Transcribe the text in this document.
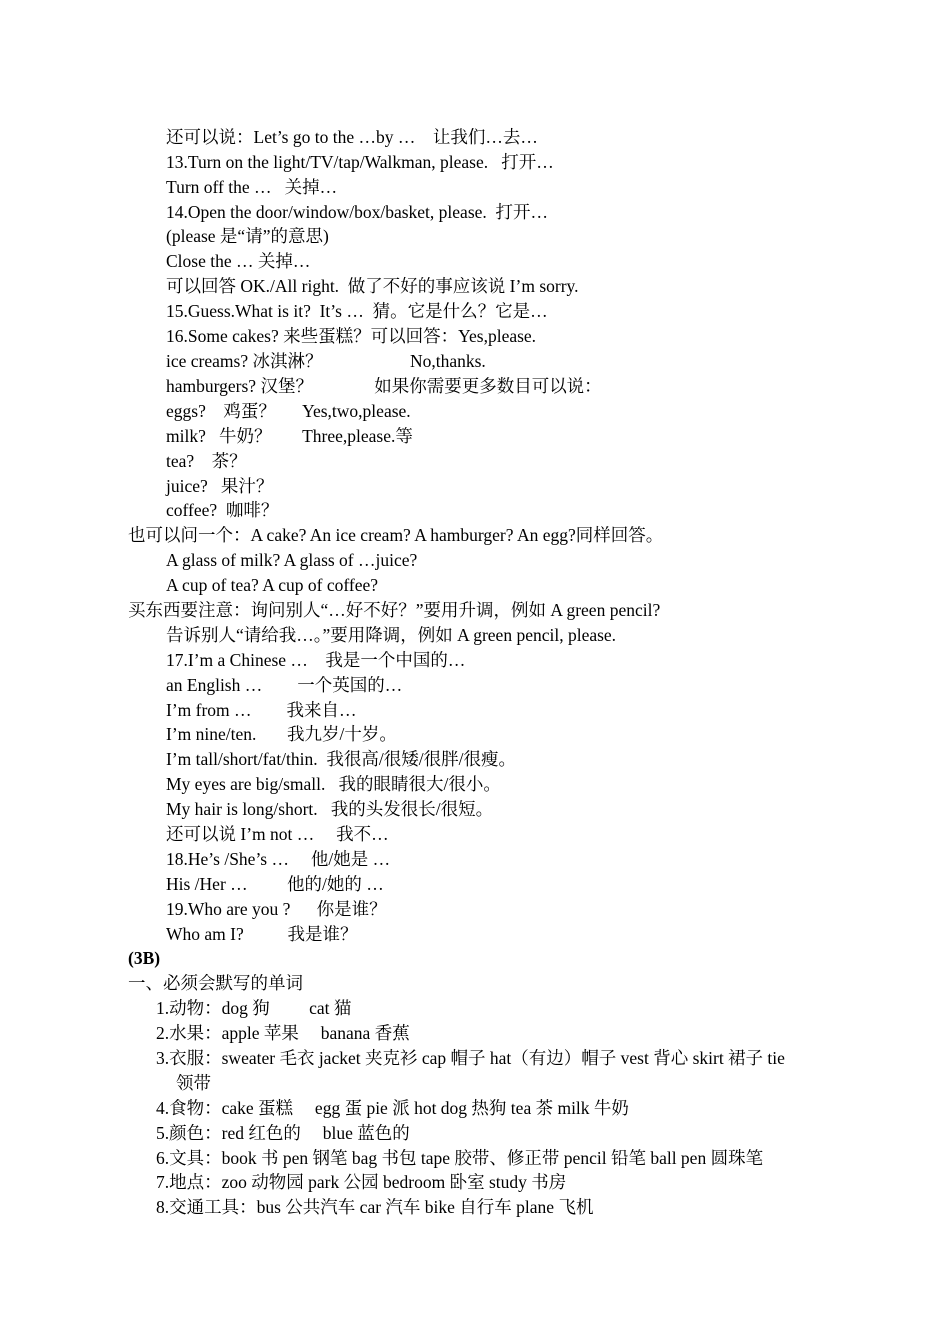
还可以说：Let’s go to the …by …    让我们…去…
13.Turn on the light/TV/tap/Walkman, please.   打开…
Turn off the …   关掉…
14.Open the door/window/box/basket, please.  打开…
(please 是“请”的意思)
Close the … 关掉…
可以回答 OK./All right.  做了不好的事应该说 I’m sorry.
15.Guess.What is it?  It’s …  猜。它是什么？它是…
16.Some cakes? 来些蛋糕？可以回答：Yes,please.
ice creams? 冰淇淋？                    No,thanks.
hamburgers? 汉堡？              如果你需要更多数目可以说：
eggs?    鸡蛋？      Yes,two,please.
milk?   牛奶？       Three,please.等
tea?    茶？
juice?   果汁？
coffee?  咖啡？
也可以问一个：A cake? An ice cream? A hamburger? An egg?同样回答。
A glass of milk? A glass of …juice?
A cup of tea? A cup of coffee?
买东西要注意：询问别人“…好不好？”要用升调，例如 A green pencil?
告诉别人“请给我…。”要用降调，例如 A green pencil, please.
17.I’m a Chinese …    我是一个中国的…
an English …        一个英国的…
I’m from …        我来自…
I’m nine/ten.       我九岁/十岁。
I’m tall/short/fat/thin.  我很高/很矮/很胖/很瘦。
My eyes are big/small.   我的眼睛很大/很小。
My hair is long/short.   我的头发很长/很短。
还可以说 I’m not …     我不…
18.He’s /She’s …     他/她是 …
His /Her …         他的/她的 …
19.Who are you ?      你是谁？
Who am I?          我是谁？
(3B)
一、必须会默写的单词
1.动物：dog 狗         cat 猫
2.水果：apple 苹果     banana 香蕉
3.衣服：sweater 毛衣 jacket 夹克衫 cap 帽子 hat（有边）帽子 vest 背心 skirt 裙子 tie
领带
4.食物：cake 蛋糕     egg 蛋 pie 派 hot dog 热狗 tea 茶 milk 牛奶
5.颜色：red 红色的     blue 蓝色的
6.文具：book 书 pen 钢笔 bag 书包 tape 胶带、修正带 pencil 铅笔 ball pen 圆珠笔
7.地点：zoo 动物园 park 公园 bedroom 卧室 study 书房
8.交通工具：bus 公共汽车 car 汽车 bike 自行车 plane 飞机
